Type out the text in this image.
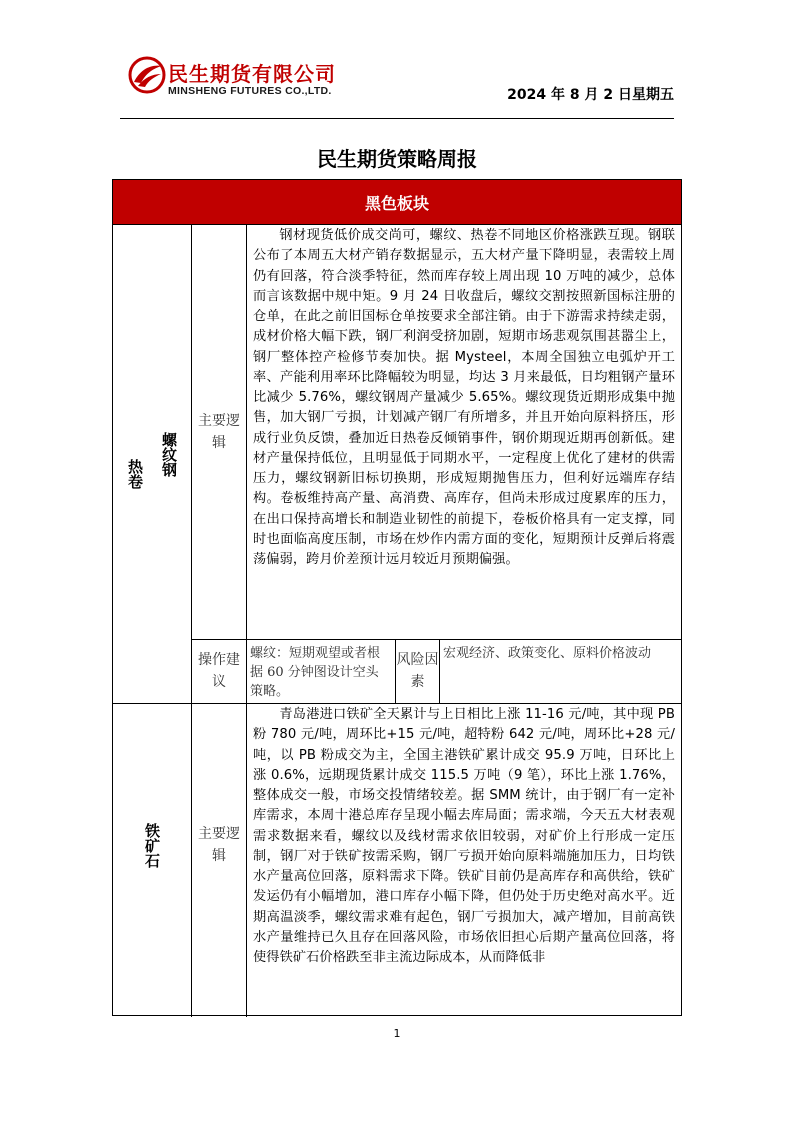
民生期货有限公司
MINSHENG FUTURES CO.,LTD.	2024 年 8 月 2 日星期五
民生期货策略周报
黑色板块
热卷 螺纹钢
主要逻辑

钢材现货低价成交尚可，螺纹、热卷不同地区价格涨跌互现。钢联公布了本周五大材产销存数据显示，五大材产量下降明显，表需较上周仍有回落，符合淡季特征，然而库存较上周出现 10 万吨的减少，总体而言该数据中规中矩。9 月 24 日收盘后，螺纹交割按照新国标注册的仓单，在此之前旧国标仓单按要求全部注销。由于下游需求持续走弱，成材价格大幅下跌，钢厂利润受挤加剧，短期市场悲观氛围甚嚣尘上，钢厂整体控产检修节奏加快。据 Mysteel，本周全国独立电弧炉开工率、产能利用率环比降幅较为明显，均达 3 月来最低，日均粗钢产量环比减少 5.76%，螺纹钢周产量减少 5.65%。螺纹现货近期形成集中抛售，加大钢厂亏损，计划减产钢厂有所增多，并且开始向原料挤压，形成行业负反馈，叠加近日热卷反倾销事件，钢价期现近期再创新低。建材产量保持低位，且明显低于同期水平，一定程度上优化了建材的供需压力，螺纹钢新旧标切换期，形成短期抛售压力，但利好远端库存结构。卷板维持高产量、高消费、高库存，但尚未形成过度累库的压力，在出口保持高增长和制造业韧性的前提下，卷板价格具有一定支撑，同时也面临高度压制，市场在炒作内需方面的变化，短期预计反弹后将震荡偏弱，跨月价差预计远月较近月预期偏强。

操作建议
螺纹：短期观望或者根据 60 分钟图设计空头策略。
风险因素
宏观经济、政策变化、原料价格波动
铁矿石	主要逻辑

青岛港进口铁矿全天累计与上日相比上涨 11-16 元/吨，其中现 PB 粉 780 元/吨，周环比+15 元/吨，超特粉 642 元/吨，周环比+28 元/吨，以 PB 粉成交为主，全国主港铁矿累计成交 95.9 万吨，日环比上涨 0.6%，远期现货累计成交 115.5 万吨（9 笔），环比上涨 1.76%，整体成交一般，市场交投情绪较差。据 SMM 统计，由于钢厂有一定补库需求，本周十港总库存呈现小幅去库局面；需求端，今天五大材表观需求数据来看，螺纹以及线材需求依旧较弱，对矿价上行形成一定压制，钢厂对于铁矿按需采购，钢厂亏损开始向原料端施加压力，日均铁水产量高位回落，原料需求下降。铁矿目前仍是高库存和高供给，铁矿发运仍有小幅增加，港口库存小幅下降，但仍处于历史绝对高水平。近期高温淡季，螺纹需求难有起色，钢厂亏损加大，减产增加，目前高铁水产量维持已久且存在回落风险，市场依旧担心后期产量高位回落，将使得铁矿石价格跌至非主流边际成本，从而降低非

1
